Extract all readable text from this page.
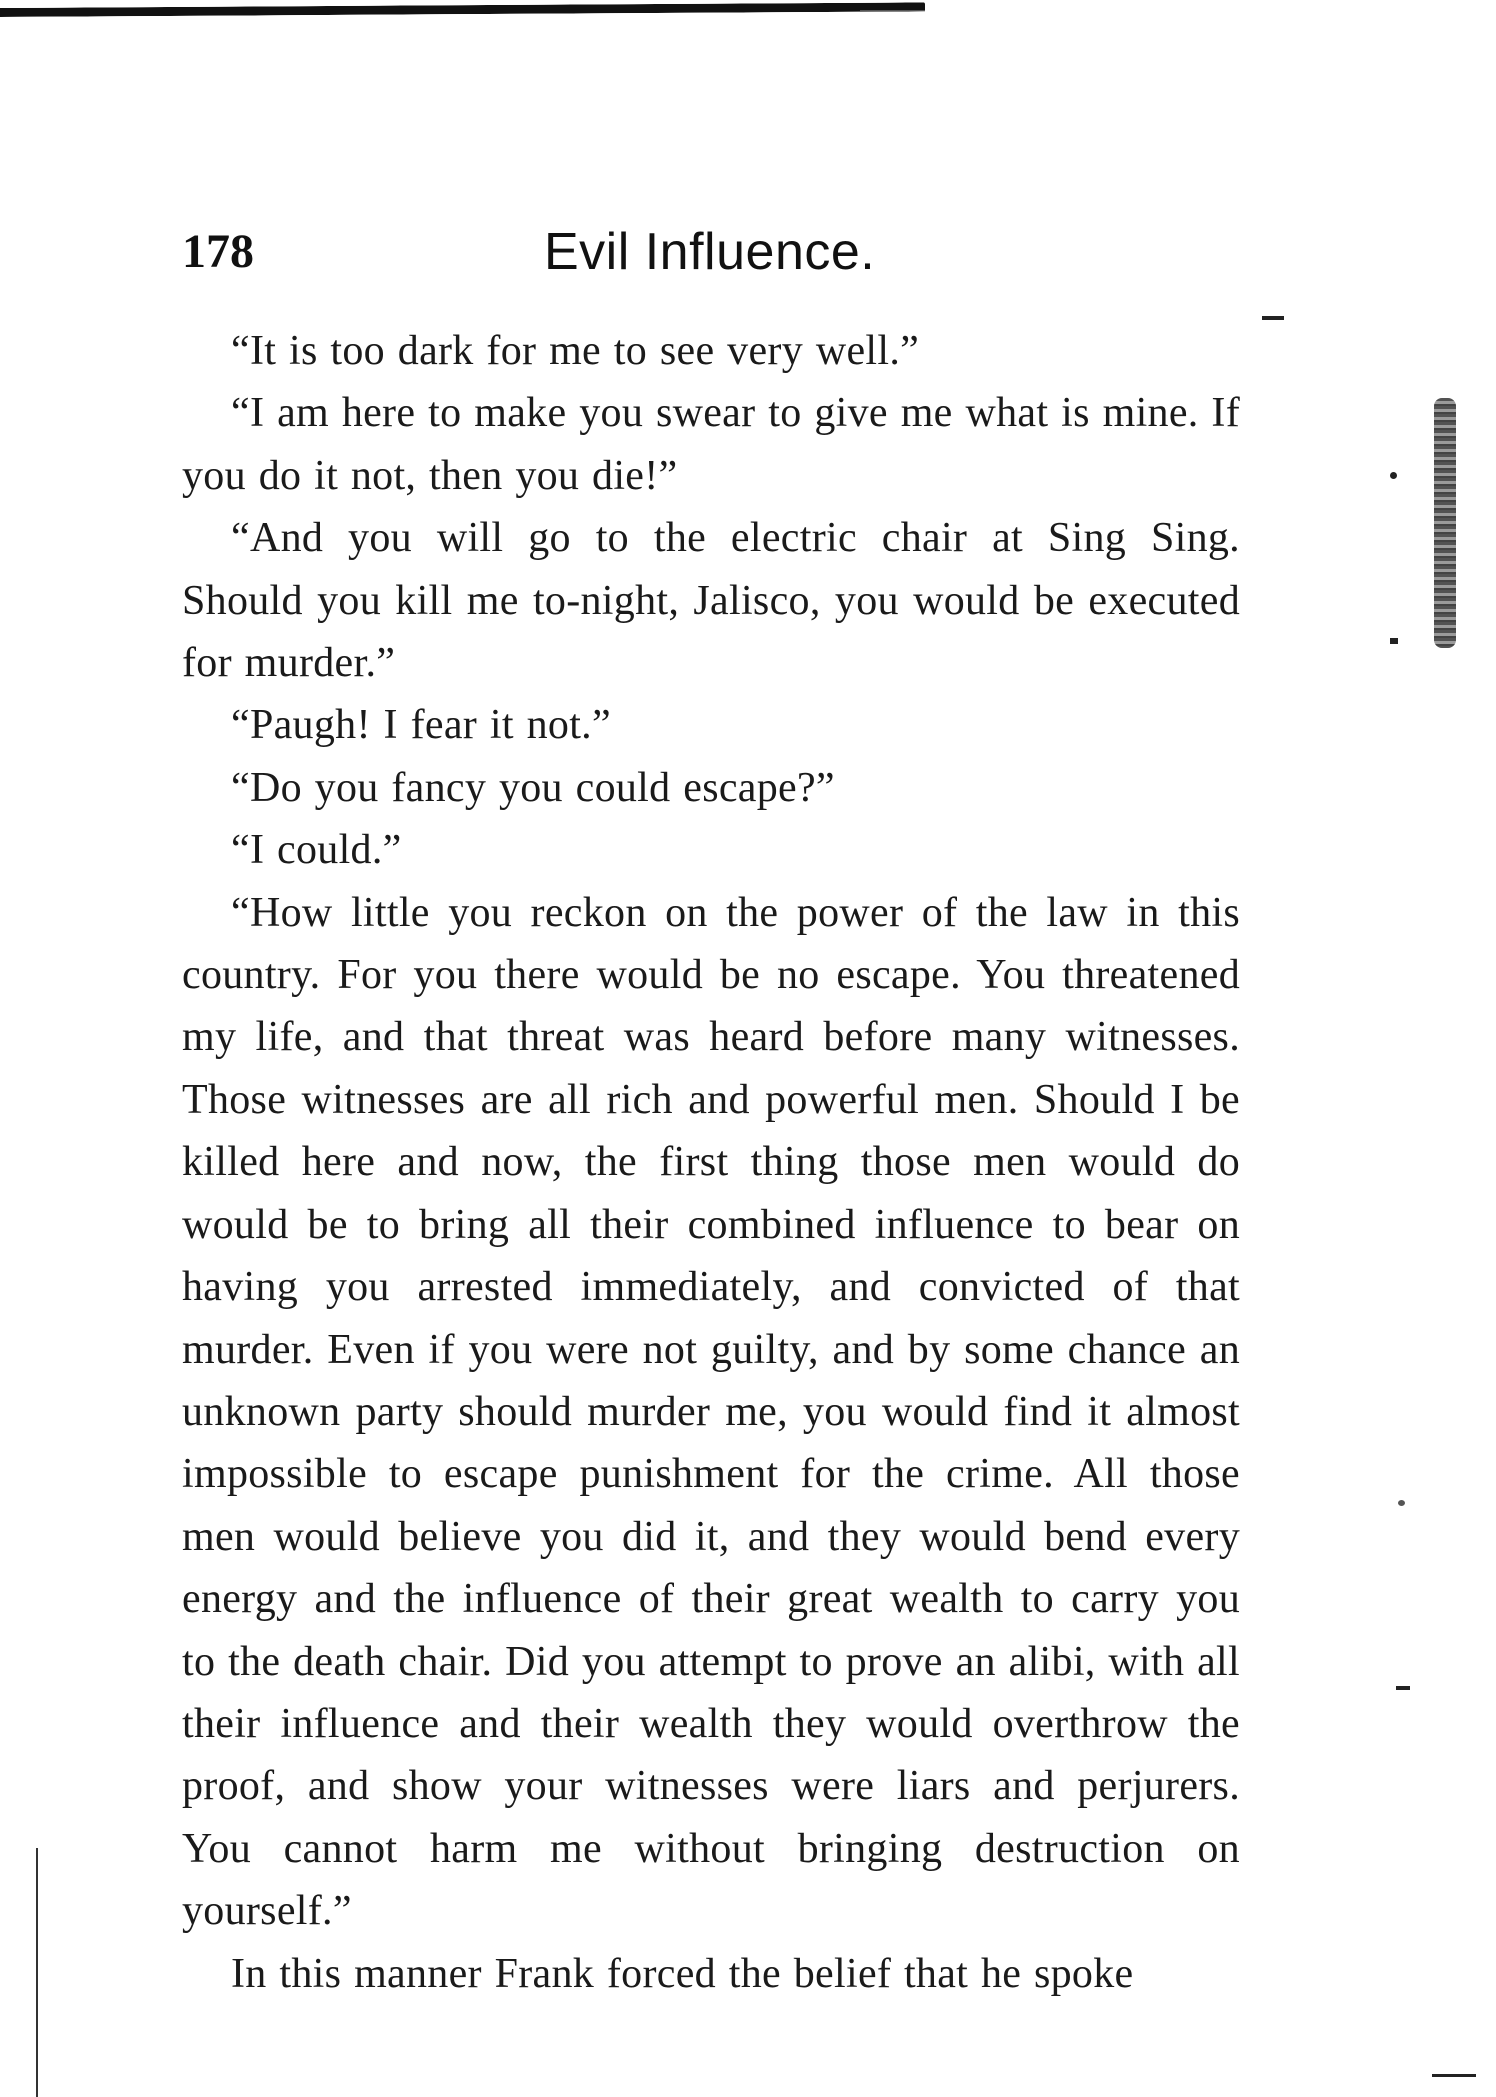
178	Evil Influence.

“It is too dark for me to see very well.”

“I am here to make you swear to give me what is mine. If you do it not, then you die!”

“And you will go to the electric chair at Sing Sing. Should you kill me to-night, Jalisco, you would be executed for murder.”

“Paugh! I fear it not.”

“Do you fancy you could escape?”

“I could.”

“How little you reckon on the power of the law in this country. For you there would be no escape. You threatened my life, and that threat was heard before many witnesses. Those witnesses are all rich and powerful men. Should I be killed here and now, the first thing those men would do would be to bring all their combined influence to bear on having you arrested immediately, and convicted of that murder. Even if you were not guilty, and by some chance an unknown party should murder me, you would find it almost impossible to escape punishment for the crime. All those men would believe you did it, and they would bend every energy and the influence of their great wealth to carry you to the death chair. Did you attempt to prove an alibi, with all their influence and their wealth they would overthrow the proof, and show your witnesses were liars and perjurers. You cannot harm me without bringing destruction on yourself.”

In this manner Frank forced the belief that he spoke
